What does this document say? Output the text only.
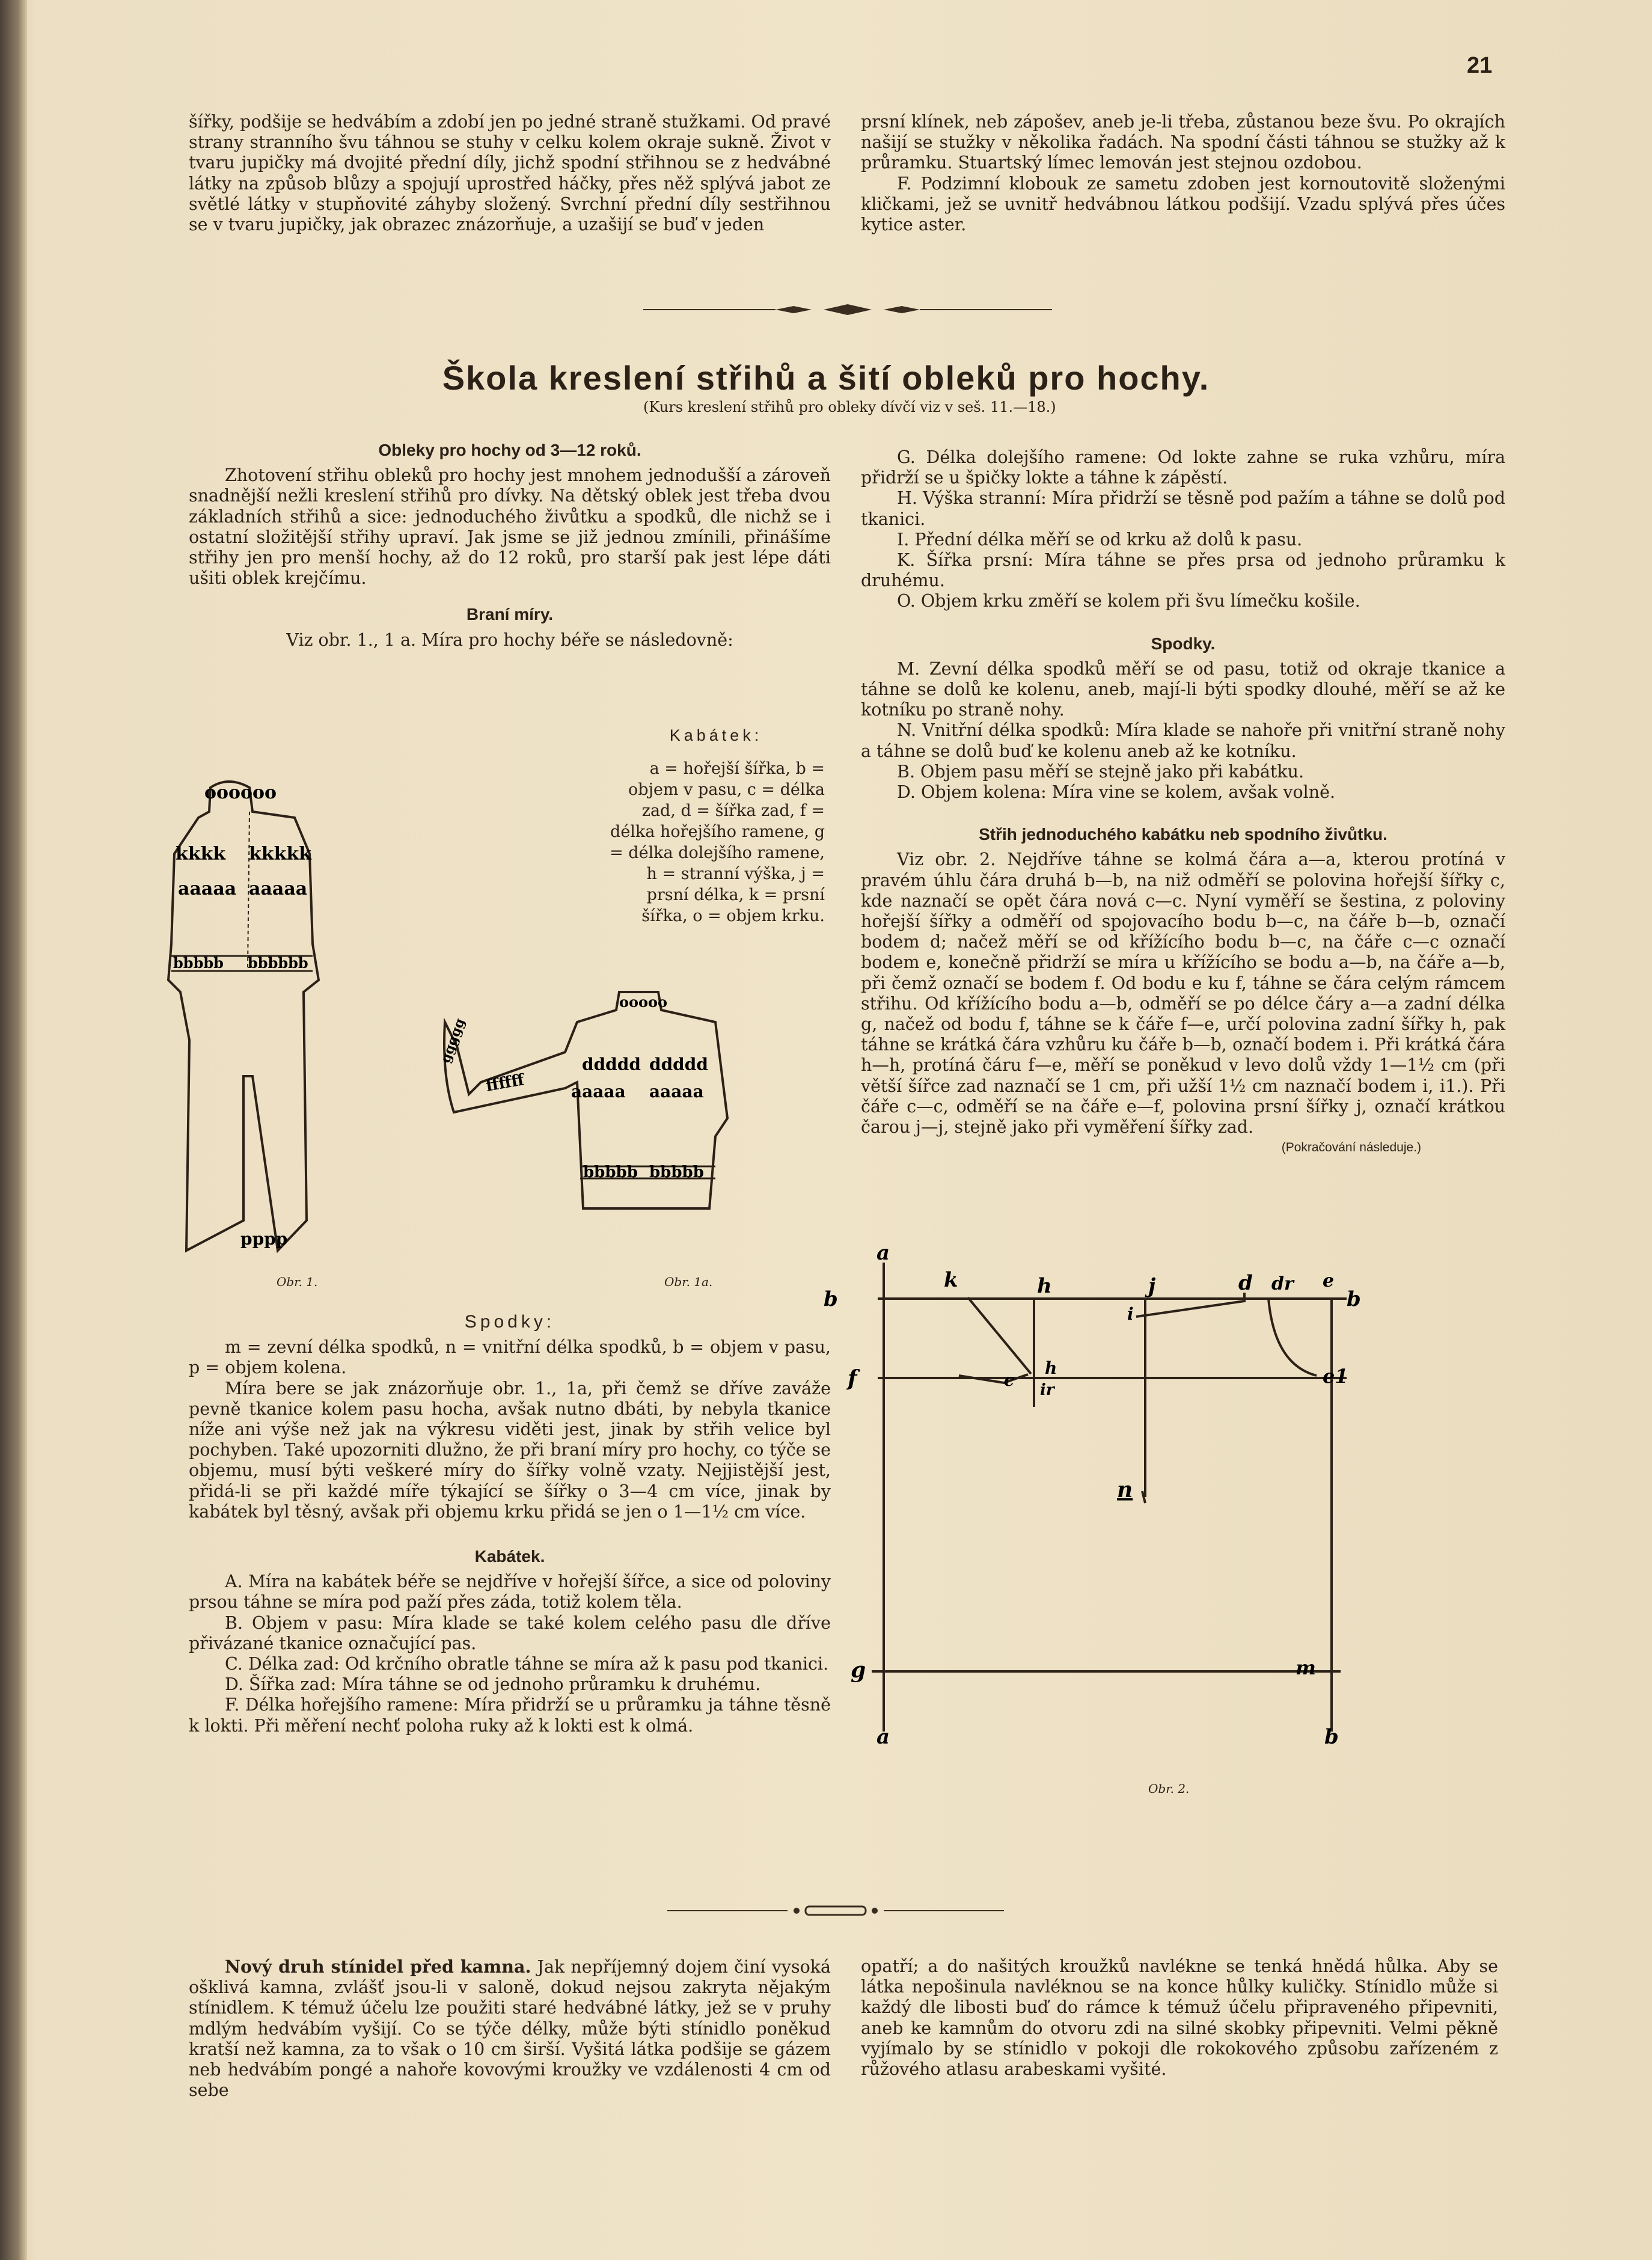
21

šířky, podšije se hedvábím a zdobí jen po jedné straně stužkami. Od pravé strany stranního švu táhnou se stuhy v celku kolem okraje sukně. Život v tvaru jupičky má dvojité přední díly, jichž spodní střihnou se z hedvábné látky na způsob blůzy a spojují uprostřed háčky, přes něž splývá jabot ze světlé látky v stupňovité záhyby složený. Svrchní přední díly sestřihnou se v tvaru jupičky, jak obrazec znázorňuje, a uzašijí se buď v jeden

prsní klínek, neb zápošev, aneb je-li třeba, zůstanou beze švu. Po okrajích našijí se stužky v několika řadách. Na spodní části táhnou se stužky až k průramku. Stuartský límec lemován jest stejnou ozdobou.

F. Podzimní klobouk ze sametu zdoben jest kornoutovitě složenými kličkami, jež se uvnitř hedvábnou látkou podšijí. Vzadu splývá přes účes kytice aster.

Škola kreslení střihů a šití obleků pro hochy.
(Kurs kreslení střihů pro obleky dívčí viz v seš. 11.—18.)
Obleky pro hochy od 3—12 roků.

Zhotovení střihu obleků pro hochy jest mnohem jednodušší a zároveň snadnější nežli kreslení střihů pro dívky. Na dětský oblek jest třeba dvou základních střihů a sice: jednoduchého živůtku a spodků, dle nichž se i ostatní složitější střihy upraví. Jak jsme se již jednou zmínili, přinášíme střihy jen pro menší hochy, až do 12 roků, pro starší pak jest lépe dáti ušiti oblek krejčímu.

Braní míry.

Viz obr. 1., 1 a. Míra pro hochy béře se následovně:

Kabátek:

a = hořejší šířka, b = objem v pasu, c = délka zad, d = šířka zad, f = délka hořejšího ramene, g = délka dolejšího ramene, h = stranní výška, j = prsní délka, k = prsní šířka, o = objem krku.

oooooo
kkkk kkkkk
aaaaa aaaaa
bbbbb bbbbbb
pppp
Obr. 1.
ooooo
ddddd ddddd
aaaaa aaaaa
bbbbb bbbbb
ffffff
ggggg
Obr. 1a.
Spodky:

m = zevní délka spodků, n = vnitřní délka spodků, b = objem v pasu, p = objem kolena.

Míra bere se jak znázorňuje obr. 1., 1a, při čemž se dříve zaváže pevně tkanice kolem pasu hocha, avšak nutno dbáti, by nebyla tkanice níže ani výše než jak na výkresu viděti jest, jinak by střih velice byl pochyben. Také upozorniti dlužno, že při braní míry pro hochy, co týče se objemu, musí býti veškeré míry do šířky volně vzaty. Nejjistější jest, přidá-li se při každé míře týkající se šířky o 3—4 cm více, jinak by kabátek byl těsný, avšak při objemu krku přidá se jen o 1—1½ cm více.

Kabátek.

A. Míra na kabátek béře se nejdříve v hořejší šířce, a sice od poloviny prsou táhne se míra pod paží přes záda, totiž kolem těla.

B. Objem v pasu: Míra klade se také kolem celého pasu dle dříve přivázané tkanice označující pas.

C. Délka zad: Od krčního obratle táhne se míra až k pasu pod tkanici.

D. Šířka zad: Míra táhne se od jednoho průramku k druhému.

F. Délka hořejšího ramene: Míra přidrží se u průramku ja táhne těsně k lokti. Při měření nechť poloha ruky až k lokti est k olmá.

G. Délka dolejšího ramene: Od lokte zahne se ruka vzhůru, míra přidrží se u špičky lokte a táhne k zápěstí.

H. Výška stranní: Míra přidrží se těsně pod pažím a táhne se dolů pod tkanici.

I. Přední délka měří se od krku až dolů k pasu.

K. Šířka prsní: Míra táhne se přes prsa od jednoho průramku k druhému.

O. Objem krku změří se kolem při švu límečku košile.

Spodky.

M. Zevní délka spodků měří se od pasu, totiž od okraje tkanice a táhne se dolů ke kolenu, aneb, mají-li býti spodky dlouhé, měří se až ke kotníku po straně nohy.

N. Vnitřní délka spodků: Míra klade se nahoře při vnitřní straně nohy a táhne se dolů buď ke kolenu aneb až ke kotníku.

B. Objem pasu měří se stejně jako při kabátku.

D. Objem kolena: Míra vine se kolem, avšak volně.

Střih jednoduchého kabátku neb spodního živůtku.

Viz obr. 2. Nejdříve táhne se kolmá čára a—a, kterou protíná v pravém úhlu čára druhá b—b, na niž odměří se polovina hořejší šířky c, kde naznačí se opět čára nová c—c. Nyní vyměří se šestina, z poloviny hořejší šířky a odměří od spojovacího bodu b—c, na čáře b—b, označí bodem d; načež měří se od křížícího bodu b—c, na čáře c—c označí bodem e, konečně přidrží se míra u křížícího se bodu a—b, na čáře a—b, při čemž označí se bodem f. Od bodu e ku f, táhne se čára celým rámcem střihu. Od křížícího bodu a—b, odměří se po délce čáry a—a zadní délka g, načež od bodu f, táhne se k čáře f—e, určí polovina zadní šířky h, pak táhne se krátká čára vzhůru ku čáře b—b, označí bodem i. Při krátká čára h—h, protíná čáru f—e, měří se poněkud v levo dolů vždy 1—1½ cm (při větší šířce zad naznačí se 1 cm, při užší 1½ cm naznačí bodem i, i1.). Při čáře c—c, odměří se na čáře e—f, polovina prsní šířky j, označí krátkou čarou j—j, stejně jako při vyměření šířky zad.

(Pokračování následuje.)
a
b
k	h	j	d dr e
b
i
f	c
h
ir
e1
n
g	m
a	b
Obr. 2.

Nový druh stínidel před kamna. Jak nepříjemný dojem činí vysoká ošklivá kamna, zvlášť jsou-li v saloně, dokud nejsou zakryta nějakým stínidlem. K témuž účelu lze použiti staré hedvábné látky, jež se v pruhy mdlým hedvábím vyšijí. Co se týče délky, může býti stínidlo poněkud kratší než kamna, za to však o 10 cm širší. Vyšitá látka podšije se gázem neb hedvábím pongé a nahoře kovovými kroužky ve vzdálenosti 4 cm od sebe

opatří; a do našitých kroužků navlékne se tenká hnědá hůlka. Aby se látka nepošinula navléknou se na konce hůlky kuličky. Stínidlo může si každý dle libosti buď do rámce k témuž účelu připraveného připevniti, aneb ke kamnům do otvoru zdi na silné skobky připevniti. Velmi pěkně vyjímalo by se stínidlo v pokoji dle rokokového způsobu zařízeném z růžového atlasu arabeskami vyšité.
